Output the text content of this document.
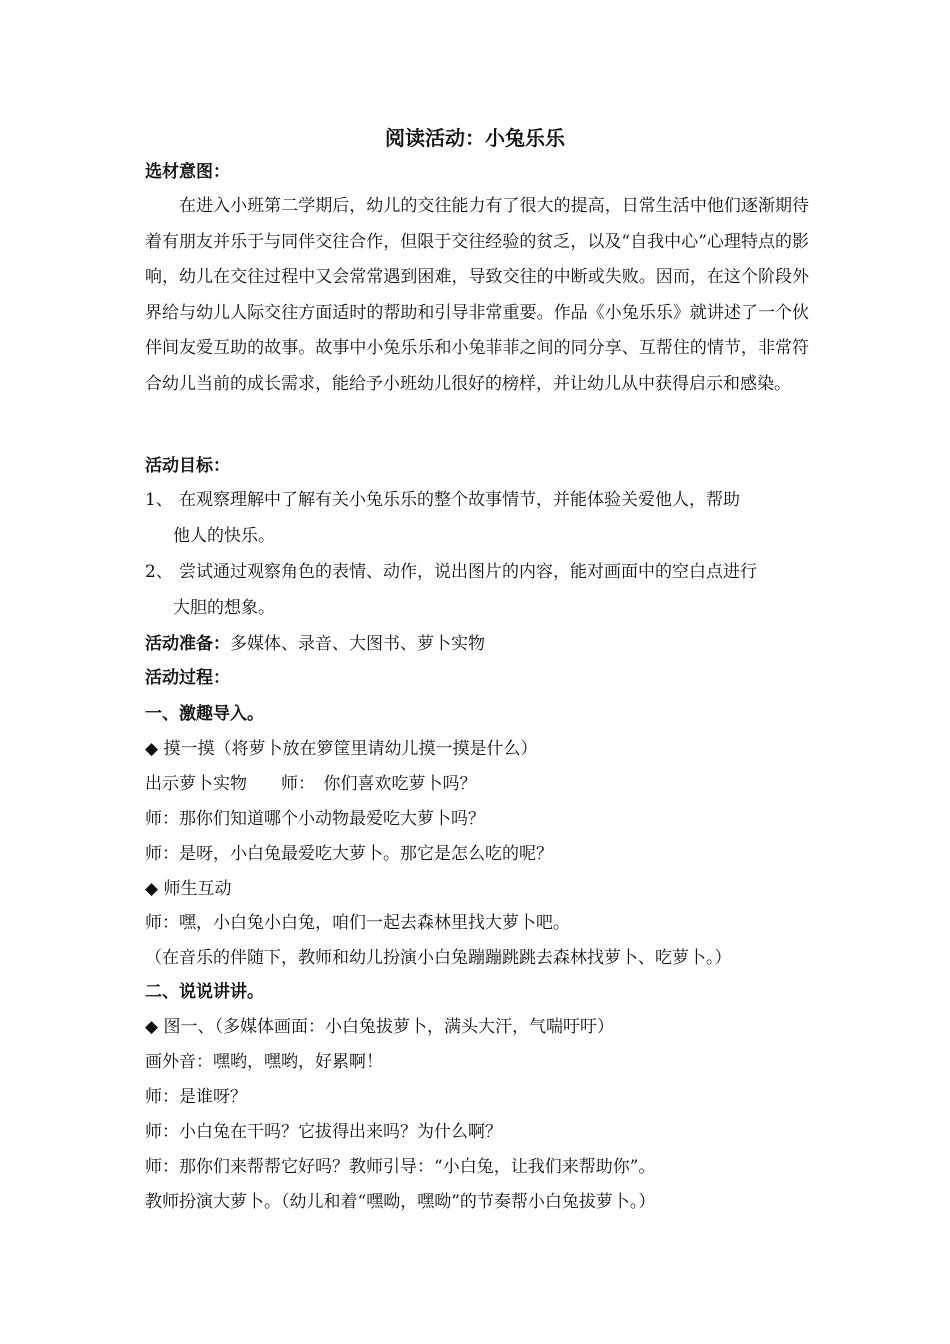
阅读活动：小兔乐乐
选材意图：
在进入小班第二学期后，幼儿的交往能力有了很大的提高，日常生活中他们逐渐期待着有朋友并乐于与同伴交往合作，但限于交往经验的贫乏，以及“自我中心”心理特点的影响，幼儿在交往过程中又会常常遇到困难，导致交往的中断或失败。因而，在这个阶段外界给与幼儿人际交往方面适时的帮助和引导非常重要。作品《小兔乐乐》就讲述了一个伙伴间友爱互助的故事。故事中小兔乐乐和小兔菲菲之间的同分享、互帮住的情节，非常符合幼儿当前的成长需求，能给予小班幼儿很好的榜样，并让幼儿从中获得启示和感染。
活动目标：
1、 在观察理解中了解有关小兔乐乐的整个故事情节，并能体验关爱他人，帮助
他人的快乐。
2、 尝试通过观察角色的表情、动作，说出图片的内容，能对画面中的空白点进行
大胆的想象。
活动准备：多媒体、录音、大图书、萝卜实物
活动过程：
一、激趣导入。
◆ 摸一摸（将萝卜放在箩筐里请幼儿摸一摸是什么）
出示萝卜实物　　师：　你们喜欢吃萝卜吗？
师：那你们知道哪个小动物最爱吃大萝卜吗？
师：是呀，小白兔最爱吃大萝卜。那它是怎么吃的呢？
◆ 师生互动
师：嘿，小白兔小白兔，咱们一起去森林里找大萝卜吧。
（在音乐的伴随下，教师和幼儿扮演小白兔蹦蹦跳跳去森林找萝卜、吃萝卜。）
二、说说讲讲。
◆ 图一、（多媒体画面：小白兔拔萝卜，满头大汗，气喘吁吁）
画外音：嘿哟，嘿哟，好累啊！
师：是谁呀？
师：小白兔在干吗？它拔得出来吗？为什么啊？
师：那你们来帮帮它好吗？教师引导：“小白兔，让我们来帮助你”。
教师扮演大萝卜。（幼儿和着“嘿呦，嘿呦”的节奏帮小白兔拔萝卜。）
